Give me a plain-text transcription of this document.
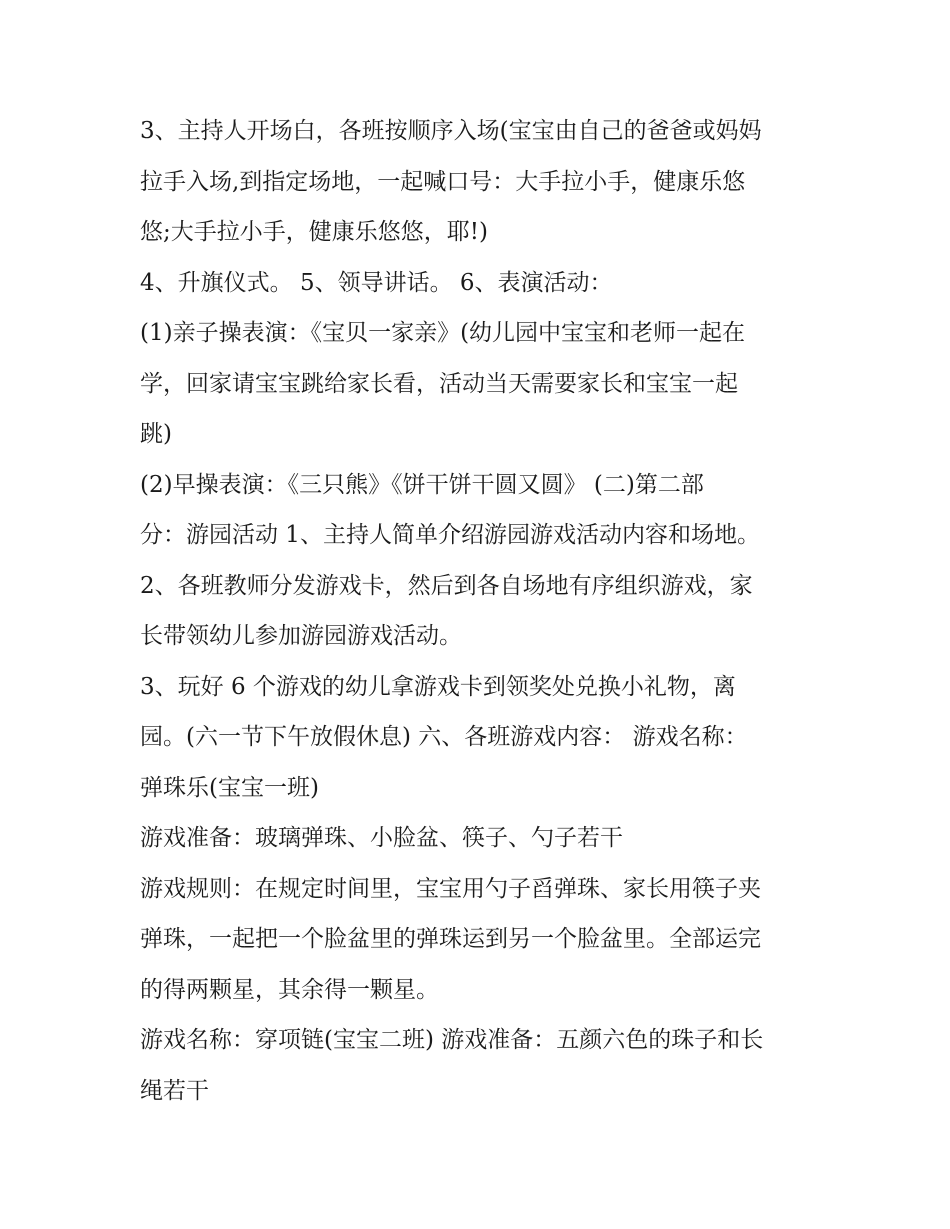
3、主持人开场白，各班按顺序入场(宝宝由自己的爸爸或妈妈

拉手入场,到指定场地，一起喊口号：大手拉小手，健康乐悠

悠;大手拉小手，健康乐悠悠，耶!)

4、升旗仪式。 5、领导讲话。 6、表演活动：

(1)亲子操表演：《宝贝一家亲》(幼儿园中宝宝和老师一起在

学，回家请宝宝跳给家长看，活动当天需要家长和宝宝一起

跳)

(2)早操表演：《三只熊》《饼干饼干圆又圆》 (二)第二部

分：游园活动 1、主持人简单介绍游园游戏活动内容和场地。

2、各班教师分发游戏卡，然后到各自场地有序组织游戏，家

长带领幼儿参加游园游戏活动。

3、玩好 6 个游戏的幼儿拿游戏卡到领奖处兑换小礼物，离

园。(六一节下午放假休息) 六、各班游戏内容： 游戏名称：

弹珠乐(宝宝一班)

游戏准备：玻璃弹珠、小脸盆、筷子、勺子若干

游戏规则：在规定时间里，宝宝用勺子舀弹珠、家长用筷子夹

弹珠，一起把一个脸盆里的弹珠运到另一个脸盆里。全部运完

的得两颗星，其余得一颗星。

游戏名称：穿项链(宝宝二班) 游戏准备：五颜六色的珠子和长

绳若干
